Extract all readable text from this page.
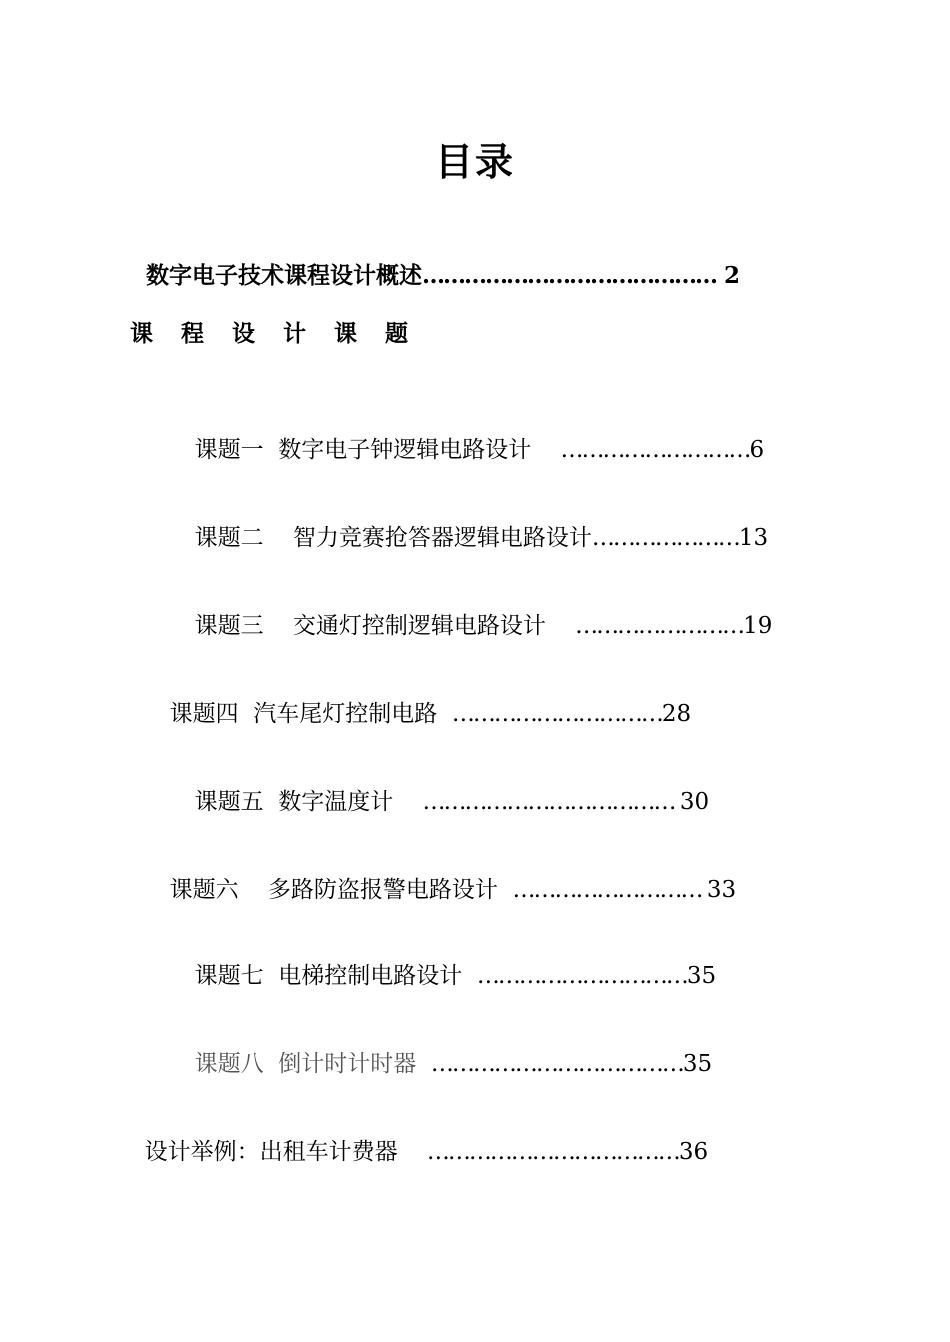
目录

数字电子技术课程设计概述…………………………………… 2

课 程 设 计 课 题

课题一  数字电子钟逻辑电路设计    ………………………6

课题二    智力竞赛抢答器逻辑电路设计…………………13

课题三    交通灯控制逻辑电路设计    ……………………19

课题四  汽车尾灯控制电路  …………………………28

课题五  数字温度计    ……………………………… 30

课题六    多路防盗报警电路设计  ……………………… 33

课题七  电梯控制电路设计  …………………………35

课题八  倒计时计时器  ………………………………35

设计举例：出租车计费器    ………………………………36
